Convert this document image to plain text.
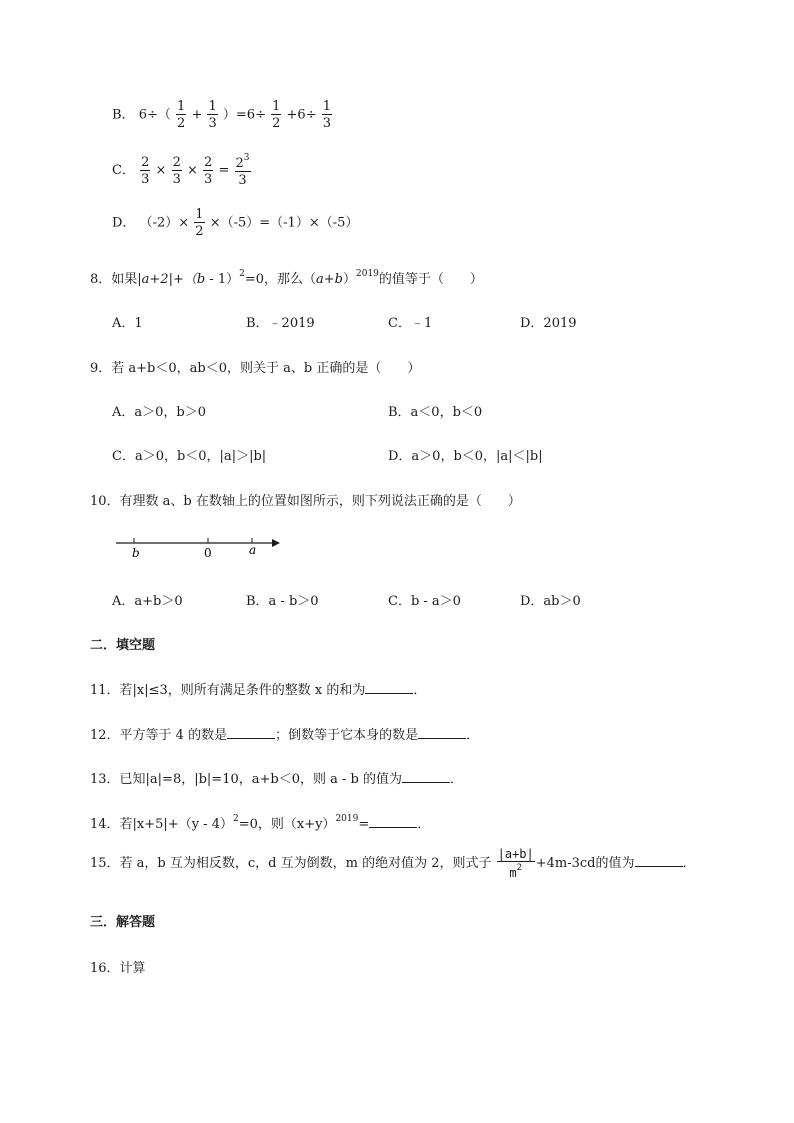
B． $6\div( \frac{1}{2} + \frac{1}{3} )=6\div \frac{1}{2} +6\div \frac{1}{3}$
C． $\frac{2}{3} \times \frac{2}{3} \times \frac{2}{3} = \frac{2^3}{3}$
D． $(-2)\times \frac{1}{2} \times(-5)=(-1)\times(-5)$
8．如果|a+2|+（b - 1）$^2$=0，那么$(a+b)^{2019}$的值等于（　　）
A．1	B．﹣2019	C．﹣1	D．2019
9．若 a+b＜0，ab＜0，则关于 a、b 正确的是（　　）
A．a＞0，b＞0	B．a＜0，b＜0
C．a＞0，b＜0，|a|＞|b|	D．a＞0，b＜0，|a|＜|b|
10．有理数 a、b 在数轴上的位置如图所示，则下列说法正确的是（　　）
b	0	a
A．a+b＞0	B．a - b＞0	C．b - a＞0	D．ab＞0
二．填空题
11．若|x|≤3，则所有满足条件的整数 x 的和为	．
12．平方等于 4 的数是	；倒数等于它本身的数是	．
13．已知|a|=8，|b|=10，a+b＜0，则 a - b 的值为	．
14．若|x+5|+（y - 4）$^2$=0，则$(x+y)^{2019}=$	．
15．若 a，b 互为相反数，c，d 互为倒数，m 的绝对值为 2，则式子 $\frac{|a+b|}{m^2} +4m-3cd$的值为	．
三．解答题
16．计算
